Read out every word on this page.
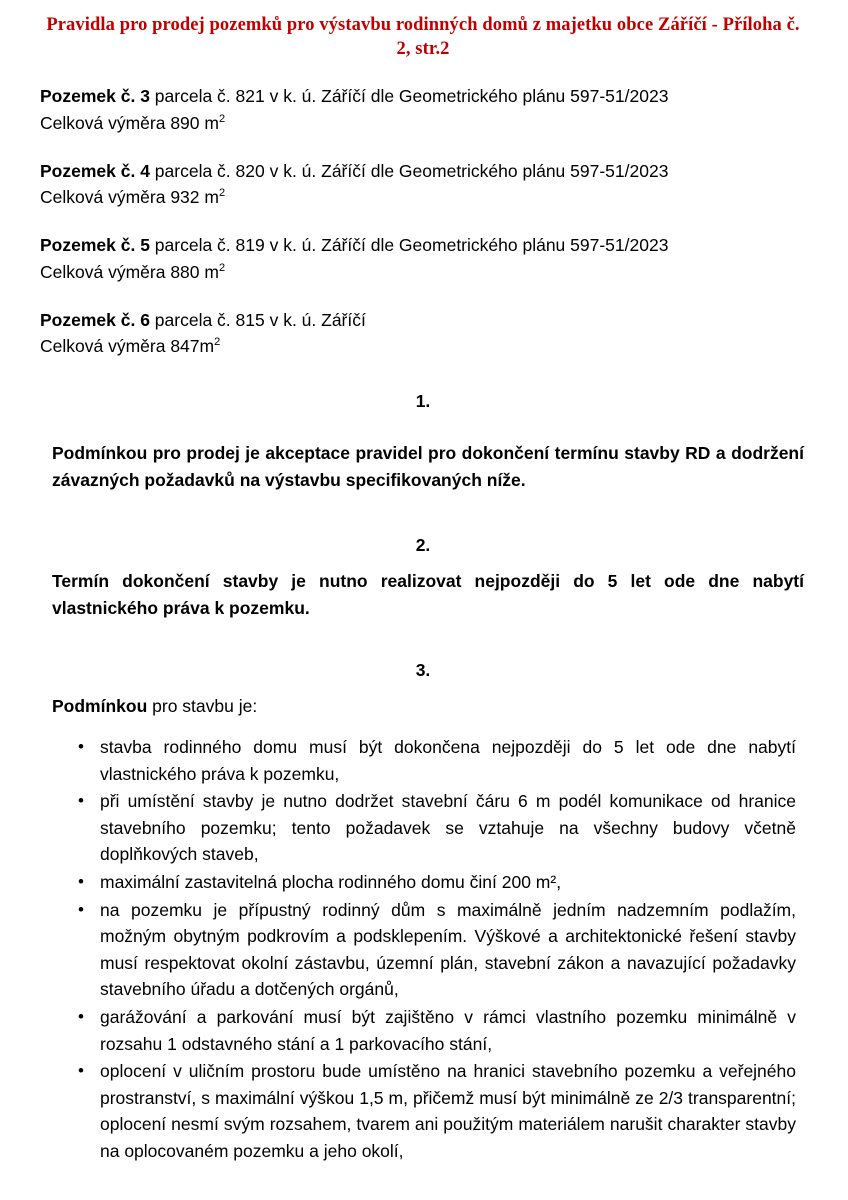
Pravidla pro prodej pozemků pro výstavbu rodinných domů z majetku obce Záříčí - Příloha č. 2, str.2
Pozemek č. 3 parcela č. 821 v k. ú. Záříčí dle Geometrického plánu 597-51/2023
Celková výměra 890 $m^2$
Pozemek č. 4 parcela č. 820 v k. ú. Záříčí dle Geometrického plánu 597-51/2023
Celková výměra 932 $m^2$
Pozemek č. 5 parcela č. 819 v k. ú. Záříčí dle Geometrického plánu 597-51/2023
Celková výměra 880 $m^2$
Pozemek č. 6 parcela č. 815 v k. ú. Záříčí
Celková výměra $847m^2$
1.

Podmínkou pro prodej je akceptace pravidel pro dokončení termínu stavby RD a dodržení závazných požadavků na výstavbu specifikovaných níže.

2.

Termín dokončení stavby je nutno realizovat nejpozději do 5 let ode dne nabytí vlastnického práva k pozemku.

3.

Podmínkou pro stavbu je:

• stavba rodinného domu musí být dokončena nejpozději do 5 let ode dne nabytí vlastnického práva k pozemku,
• při umístění stavby je nutno dodržet stavební čáru 6 m podél komunikace od hranice stavebního pozemku; tento požadavek se vztahuje na všechny budovy včetně doplňkových staveb,
• maximální zastavitelná plocha rodinného domu činí 200 m²,
• na pozemku je přípustný rodinný dům s maximálně jedním nadzemním podlažím, možným obytným podkrovím a podsklepením. Výškové a architektonické řešení stavby musí respektovat okolní zástavbu, územní plán, stavební zákon a navazující požadavky stavebního úřadu a dotčených orgánů,
• garážování a parkování musí být zajištěno v rámci vlastního pozemku minimálně v rozsahu 1 odstavného stání a 1 parkovacího stání,
• oplocení v uličním prostoru bude umístěno na hranici stavebního pozemku a veřejného prostranství, s maximální výškou 1,5 m, přičemž musí být minimálně ze 2/3 transparentní; oplocení nesmí svým rozsahem, tvarem ani použitým materiálem narušit charakter stavby na oplocovaném pozemku a jeho okolí,
